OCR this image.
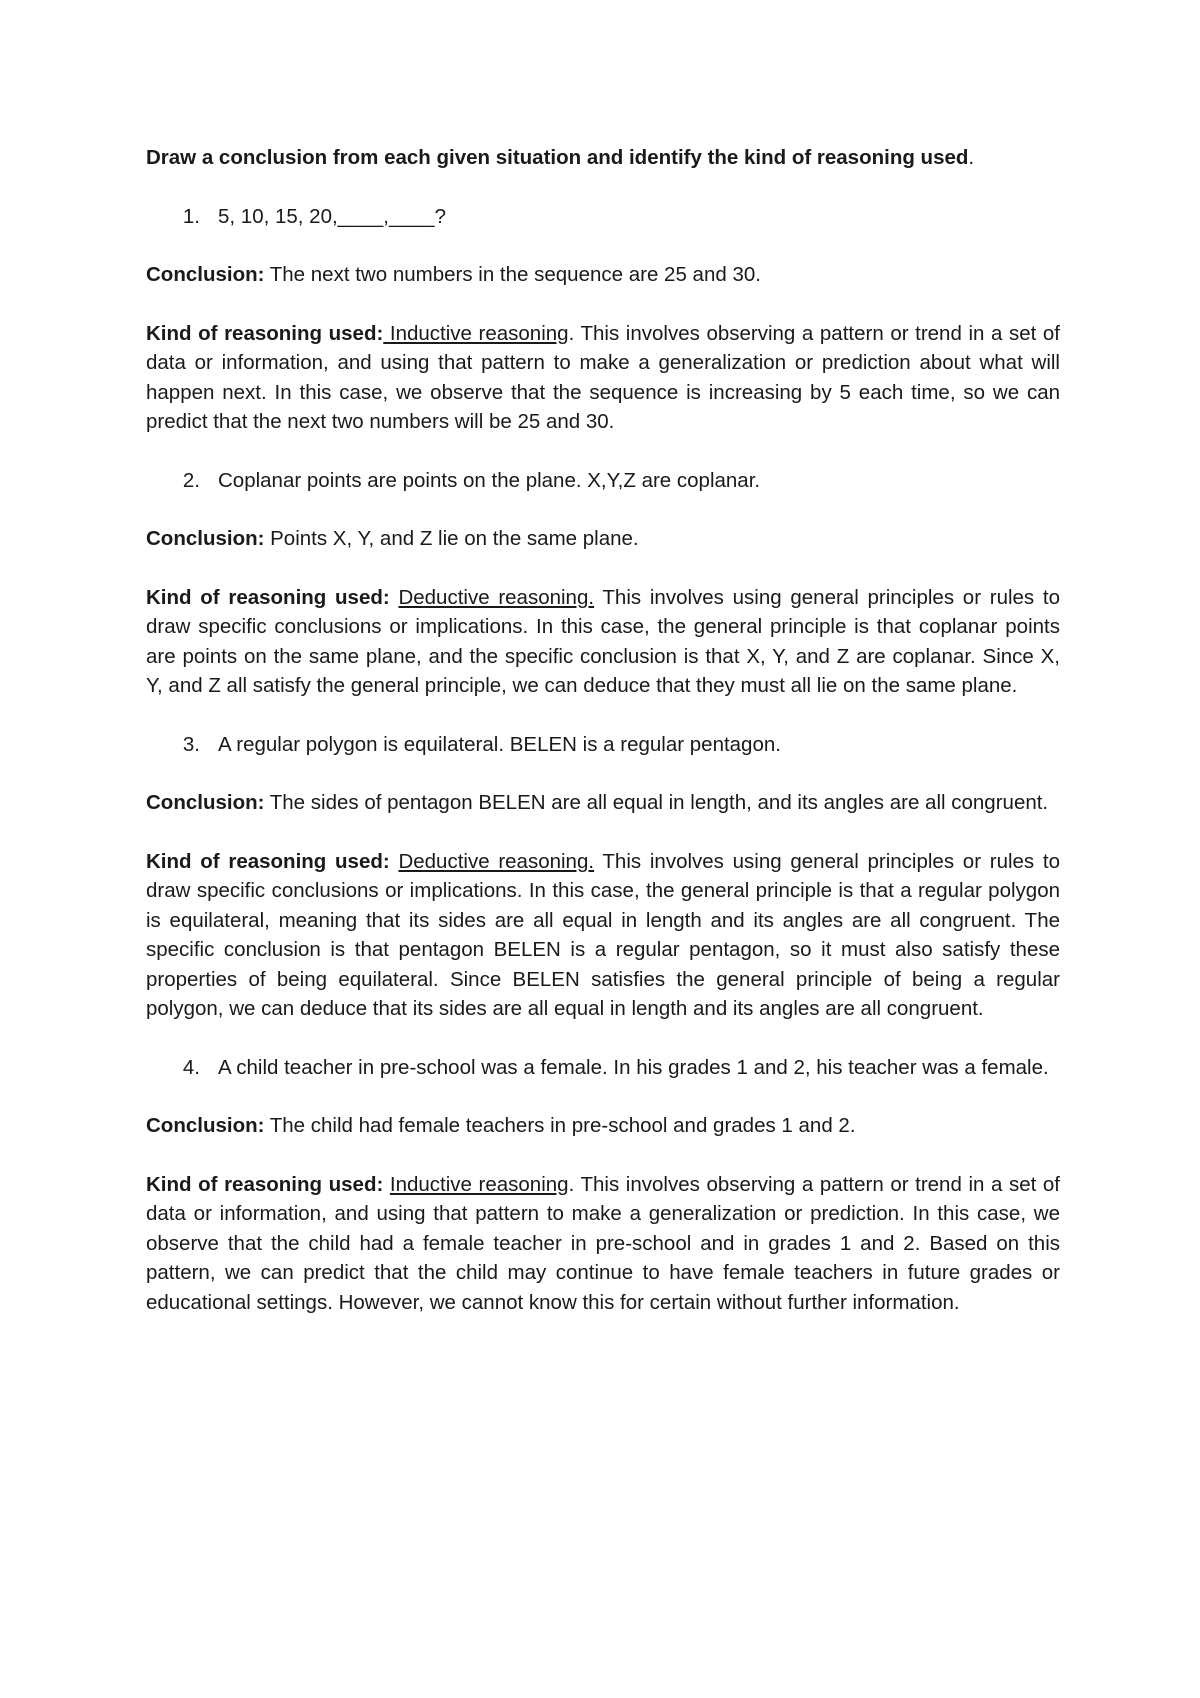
Draw a conclusion from each given situation and identify the kind of reasoning used.

1. 5, 10, 15, 20,____,____?

Conclusion: The next two numbers in the sequence are 25 and 30.

Kind of reasoning used: Inductive reasoning. This involves observing a pattern or trend in a set of data or information, and using that pattern to make a generalization or prediction about what will happen next. In this case, we observe that the sequence is increasing by 5 each time, so we can predict that the next two numbers will be 25 and 30.

2. Coplanar points are points on the plane. X,Y,Z are coplanar.

Conclusion: Points X, Y, and Z lie on the same plane.

Kind of reasoning used: Deductive reasoning. This involves using general principles or rules to draw specific conclusions or implications. In this case, the general principle is that coplanar points are points on the same plane, and the specific conclusion is that X, Y, and Z are coplanar. Since X, Y, and Z all satisfy the general principle, we can deduce that they must all lie on the same plane.

3. A regular polygon is equilateral. BELEN is a regular pentagon.

Conclusion: The sides of pentagon BELEN are all equal in length, and its angles are all congruent.

Kind of reasoning used: Deductive reasoning. This involves using general principles or rules to draw specific conclusions or implications. In this case, the general principle is that a regular polygon is equilateral, meaning that its sides are all equal in length and its angles are all congruent. The specific conclusion is that pentagon BELEN is a regular pentagon, so it must also satisfy these properties of being equilateral. Since BELEN satisfies the general principle of being a regular polygon, we can deduce that its sides are all equal in length and its angles are all congruent.

4. A child teacher in pre-school was a female. In his grades 1 and 2, his teacher was a female.

Conclusion: The child had female teachers in pre-school and grades 1 and 2.

Kind of reasoning used: Inductive reasoning. This involves observing a pattern or trend in a set of data or information, and using that pattern to make a generalization or prediction. In this case, we observe that the child had a female teacher in pre-school and in grades 1 and 2. Based on this pattern, we can predict that the child may continue to have female teachers in future grades or educational settings. However, we cannot know this for certain without further information.
